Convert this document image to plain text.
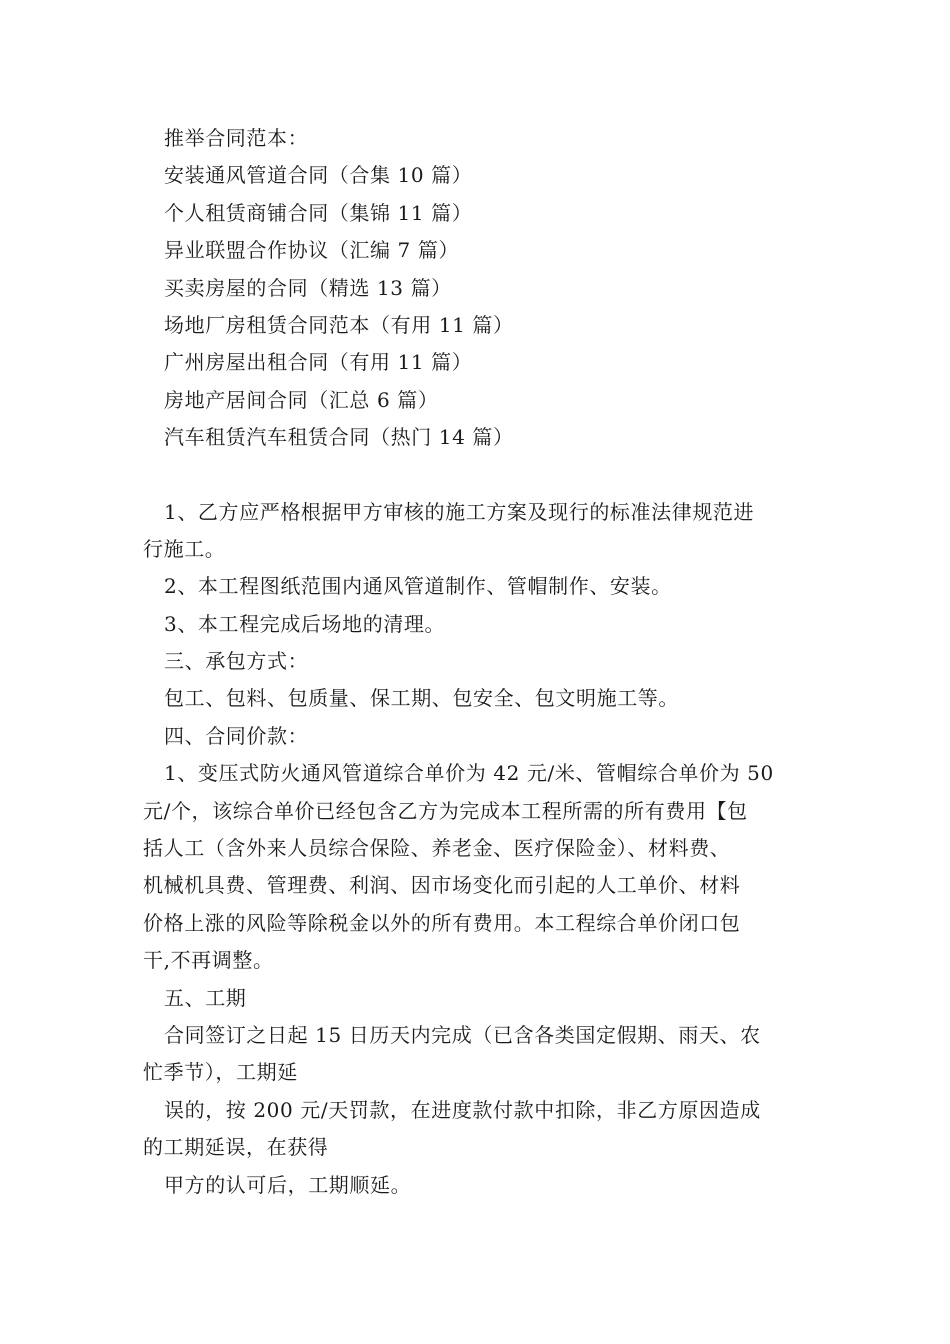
推举合同范本：
安装通风管道合同（合集 10 篇）
个人租赁商铺合同（集锦 11 篇）
异业联盟合作协议（汇编 7 篇）
买卖房屋的合同（精选 13 篇）
场地厂房租赁合同范本（有用 11 篇）
广州房屋出租合同（有用 11 篇）
房地产居间合同（汇总 6 篇）
汽车租赁汽车租赁合同（热门 14 篇）
1、乙方应严格根据甲方审核的施工方案及现行的标准法律规范进
行施工。
2、本工程图纸范围内通风管道制作、管帽制作、安装。
3、本工程完成后场地的清理。
三、承包方式：
包工、包料、包质量、保工期、包安全、包文明施工等。
四、合同价款：
1、变压式防火通风管道综合单价为 42 元/米、管帽综合单价为 50
元/个，该综合单价已经包含乙方为完成本工程所需的所有费用【包
括人工（含外来人员综合保险、养老金、医疗保险金）、材料费、
机械机具费、管理费、利润、因市场变化而引起的人工单价、材料
价格上涨的风险等除税金以外的所有费用。本工程综合单价闭口包
干,不再调整。
五、工期
合同签订之日起 15 日历天内完成（已含各类国定假期、雨天、农
忙季节），工期延
误的，按 200 元/天罚款，在进度款付款中扣除，非乙方原因造成
的工期延误，在获得
甲方的认可后，工期顺延。
